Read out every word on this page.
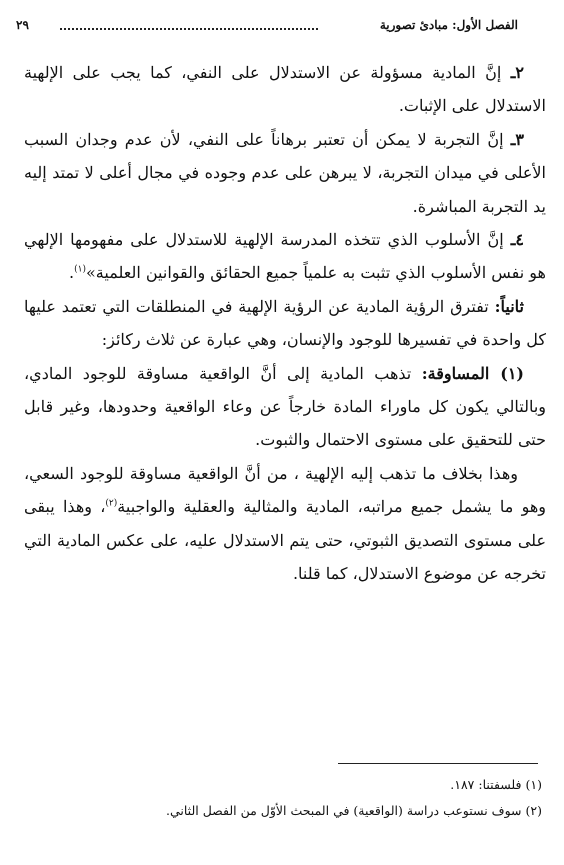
الفصل الأول: مبادئ تصورية
٢٩

٢ـ إنَّ المادية مسؤولة عن الاستدلال على النفي، كما يجب على الإلهية الاستدلال على الإثبات.

٣ـ إنَّ التجربة لا يمكن أن تعتبر برهاناً على النفي، لأن عدم وجدان السبب الأعلى في ميدان التجربة، لا يبرهن على عدم وجوده في مجال أعلى لا تمتد إليه يد التجربة المباشرة.

٤ـ إنَّ الأسلوب الذي تتخذه المدرسة الإلهية للاستدلال على مفهومها الإلهي هو نفس الأسلوب الذي تثبت به علمياً جميع الحقائق والقوانين العلمية»$^{(١)}$.

ثانياً: تفترق الرؤية المادية عن الرؤية الإلهية في المنطلقات التي تعتمد عليها كل واحدة في تفسيرها للوجود والإنسان، وهي عبارة عن ثلاث ركائز:

(١) المساوقة: تذهب المادية إلى أنَّ الواقعية مساوقة للوجود المادي، وبالتالي يكون كل ماوراء المادة خارجاً عن وعاء الواقعية وحدودها، وغير قابل حتى للتحقيق على مستوى الاحتمال والثبوت.

وهذا بخلاف ما تذهب إليه الإلهية ، من أنَّ الواقعية مساوقة للوجود السعي، وهو ما يشمل جميع مراتبه، المادية والمثالية والعقلية والواجبية$^{(٢)}$، وهذا يبقى على مستوى التصديق الثبوتي، حتى يتم الاستدلال عليه، على عكس المادية التي تخرجه عن موضوع الاستدلال، كما قلنا.

(١) فلسفتنا: ١٨٧.

(٢) سوف نستوعب دراسة (الواقعية) في المبحث الأوّل من الفصل الثاني.
